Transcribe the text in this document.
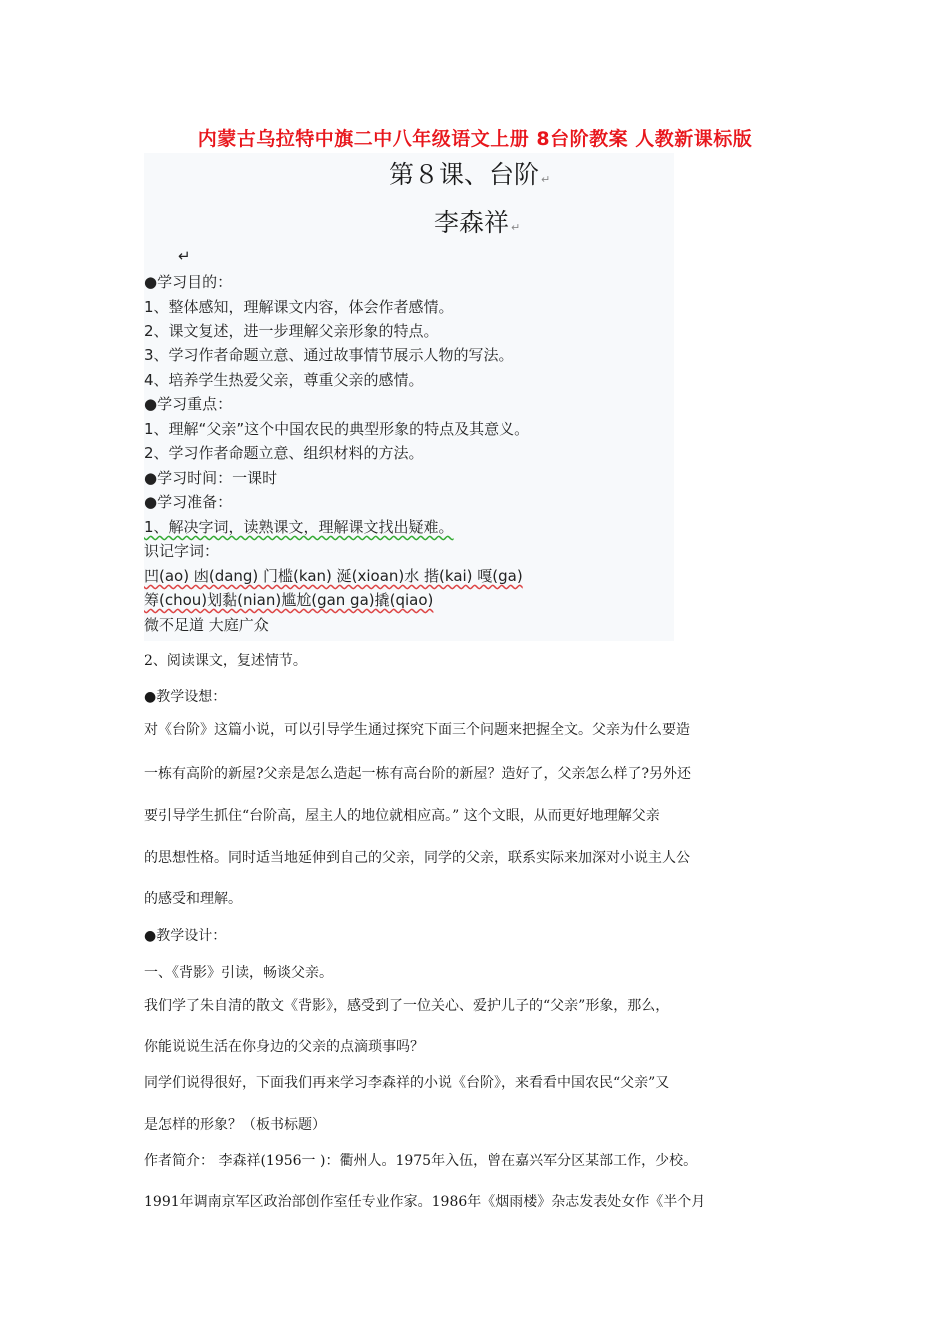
内蒙古乌拉特中旗二中八年级语文上册 8台阶教案 人教新课标版
第８课、台阶 ↵
李森祥 ↵
↵
●学习目的：
1、整体感知，理解课文内容，体会作者感情。
2、课文复述，进一步理解父亲形象的特点。
3、学习作者命题立意、通过故事情节展示人物的写法。
4、培养学生热爱父亲，尊重父亲的感情。
●学习重点：
1、理解“父亲”这个中国农民的典型形象的特点及其意义。
2、学习作者命题立意、组织材料的方法。
●学习时间：一课时
●学习准备：
1、解决字词，读熟课文，理解课文找出疑难。
识记字词：
凹(ao) 凼(dang) 门槛(kan) 涎(xioan)水 揩(kai) 嘎(ga)
筹(chou)划黏(nian)尴尬(gan ga)撬(qiao)
微不足道 大庭广众
2、阅读课文，复述情节。
●教学设想：
对《台阶》这篇小说，可以引导学生通过探究下面三个问题来把握全文。父亲为什么要造
一栋有高阶的新屋?父亲是怎么造起一栋有高台阶的新屋？造好了，父亲怎么样了?另外还
要引导学生抓住“台阶高，屋主人的地位就相应高。” 这个文眼，从而更好地理解父亲
的思想性格。同时适当地延伸到自己的父亲，同学的父亲，联系实际来加深对小说主人公
的感受和理解。
●教学设计：
一、《背影》引读，畅谈父亲。
我们学了朱自清的散文《背影》，感受到了一位关心、爱护儿子的“父亲”形象，那么，
你能说说生活在你身边的父亲的点滴琐事吗？
同学们说得很好，下面我们再来学习李森祥的小说《台阶》，来看看中国农民“父亲”又
是怎样的形象？（板书标题）
作者简介： 李森祥(1956一 )：衢州人。1975年入伍，曾在嘉兴军分区某部工作，少校。
1991年调南京军区政治部创作室任专业作家。1986年《烟雨楼》杂志发表处女作《半个月
